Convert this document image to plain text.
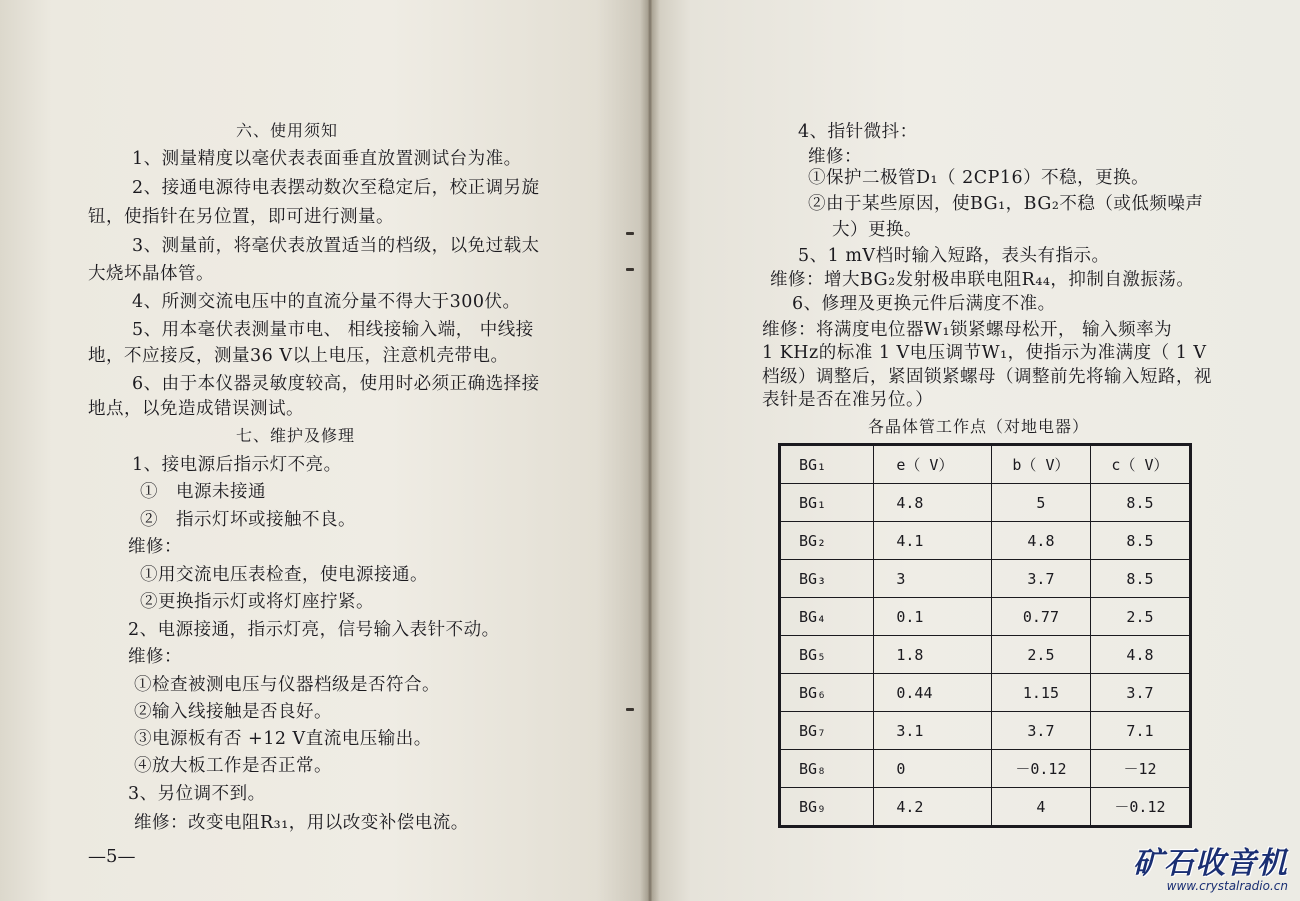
六、使用须知
1、测量精度以毫伏表表面垂直放置测试台为准。
2、接通电源待电表摆动数次至稳定后，校正调另旋
钮，使指针在另位置，即可进行测量。
3、测量前，将毫伏表放置适当的档级，以免过载太
大烧坏晶体管。
4、所测交流电压中的直流分量不得大于300伏。
5、用本毫伏表测量市电、 相线接输入端， 中线接
地，不应接反，测量36 V以上电压，注意机壳带电。
6、由于本仪器灵敏度较高，使用时必须正确选择接
地点，以免造成错误测试。
七、维护及修理
1、接电源后指示灯不亮。
①　电源未接通
②　指示灯坏或接触不良。
维修：
①用交流电压表检查，使电源接通。
②更换指示灯或将灯座拧紧。
2、电源接通，指示灯亮，信号输入表针不动。
维修：
①检查被测电压与仪器档级是否符合。
②输入线接触是否良好。
③电源板有否 +12 V直流电压输出。
④放大板工作是否正常。
3、另位调不到。
维修：改变电阻R₃₁，用以改变补偿电流。
—5—
4、指针微抖：
维修：
①保护二极管D₁（ 2CP16）不稳，更换。
②由于某些原因，使BG₁，BG₂不稳（或低频噪声
大）更换。
5、1 mV档时输入短路，表头有指示。
维修：增大BG₂发射极串联电阻R₄₄，抑制自激振荡。
6、修理及更换元件后满度不准。
维修：将满度电位器W₁锁紧螺母松开， 输入频率为
1 KHz的标准 1 V电压调节W₁，使指示为准满度（ 1 V
档级）调整后，紧固锁紧螺母（调整前先将输入短路，视
表针是否在准另位。）
各晶体管工作点（对地电器）
BG₁	e（ V）	b（ V）	c（ V）
BG₁	4.8	5	8.5
BG₂	4.1	4.8	8.5
BG₃	3	3.7	8.5
BG₄	0.1	0.77	2.5
BG₅	1.8	2.5	4.8
BG₆	0.44	1.15	3.7
BG₇	3.1	3.7	7.1
BG₈	0	－0.12	－12
BG₉	4.2	4	－0.12
矿石收音机
www.crystalradio.cn
